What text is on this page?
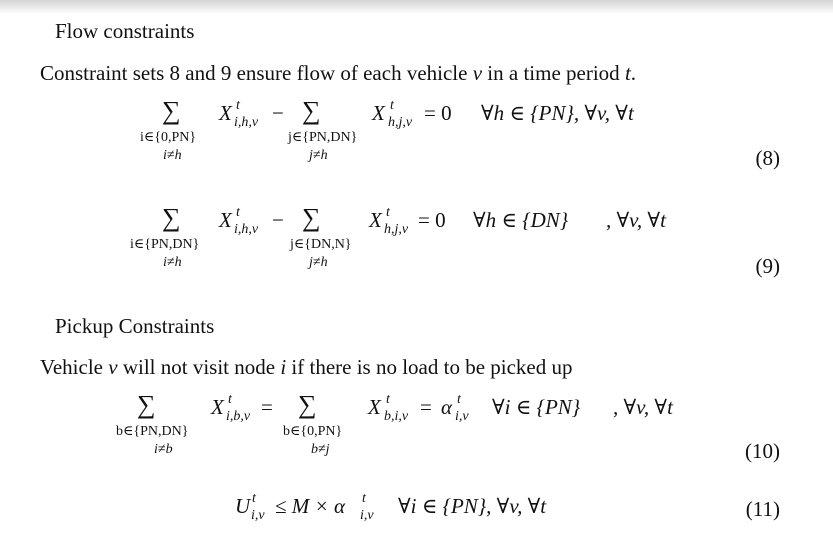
Flow constraints
Constraint sets 8 and 9 ensure flow of each vehicle v in a time period t.
∑
i∈{0,PN}
i≠h
X t
i,h,v − ∑
j∈{PN,DN}
j≠h
X t
h,j,v = 0 ∀h ∈ {PN}, ∀v, ∀t
(8)
∑
i∈{PN,DN}
i≠h
X t
i,h,v − ∑
j∈{DN,N}
j≠h
X t
h,j,v = 0 ∀h ∈ {DN} , ∀v, ∀t
(9)
Pickup Constraints
Vehicle v will not visit node i if there is no load to be picked up
∑
b∈{PN,DN}
i≠b
X t
i,b,v = ∑
b∈{0,PN}
b≠j
X t
b,i,v = α t
i,v ∀i ∈ {PN} , ∀v, ∀t
(10)
U t
i,v ≤ M × α t
i,v ∀i ∈ {PN}, ∀v, ∀t	(11)
